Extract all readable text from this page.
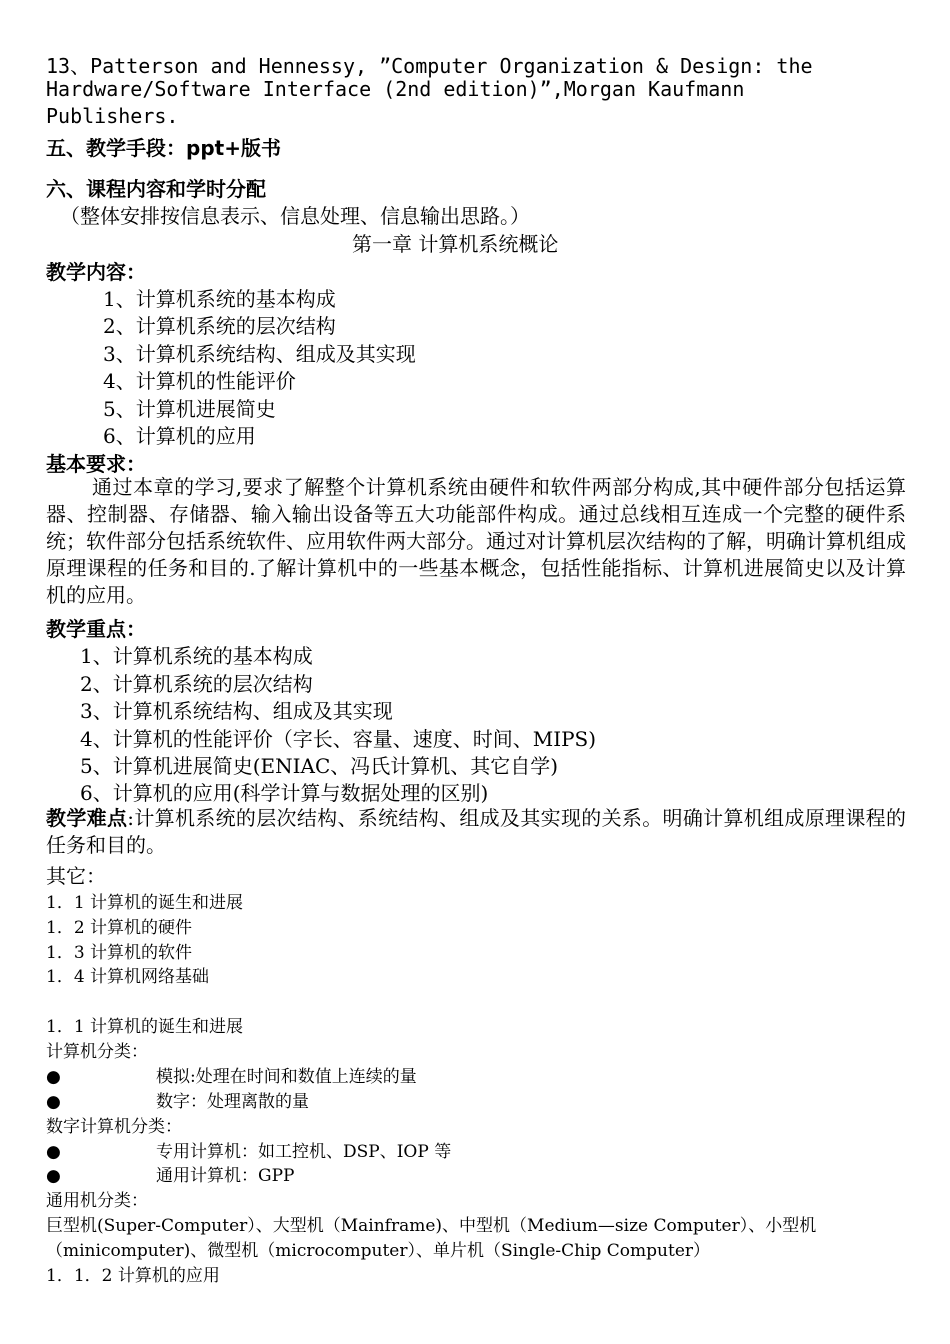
13、Patterson and Hennessy, ”Computer Organization & Design: the
Hardware/Software Interface (2nd edition)”,Morgan Kaufmann
Publishers.
五、教学手段：ppt+版书
六、课程内容和学时分配
（整体安排按信息表示、信息处理、信息输出思路。）
第一章 计算机系统概论
教学内容：
1、计算机系统的基本构成
2、计算机系统的层次结构
3、计算机系统结构、组成及其实现
4、计算机的性能评价
5、计算机进展简史
6、计算机的应用
基本要求：

通过本章的学习,要求了解整个计算机系统由硬件和软件两部分构成,其中硬件部分包括运算器、控制器、存储器、输入输出设备等五大功能部件构成。通过总线相互连成一个完整的硬件系统；软件部分包括系统软件、应用软件两大部分。通过对计算机层次结构的了解，明确计算机组成原理课程的任务和目的.了解计算机中的一些基本概念，包括性能指标、计算机进展简史以及计算机的应用。

教学重点：
1、计算机系统的基本构成
2、计算机系统的层次结构
3、计算机系统结构、组成及其实现
4、计算机的性能评价（字长、容量、速度、时间、MIPS)
5、计算机进展简史(ENIAC、冯氏计算机、其它自学)
6、计算机的应用(科学计算与数据处理的区别)

教学难点:计算机系统的层次结构、系统结构、组成及其实现的关系。明确计算机组成原理课程的任务和目的。

其它：
1．1 计算机的诞生和进展
1．2 计算机的硬件
1．3 计算机的软件
1．4 计算机网络基础
1．1 计算机的诞生和进展
计算机分类：
●	模拟:处理在时间和数值上连续的量
●	数字：处理离散的量
数字计算机分类：
●	专用计算机：如工控机、DSP、IOP 等
●	通用计算机：GPP
通用机分类：
巨型机(Super-Computer）、大型机（Mainframe)、中型机（Medium—size Computer）、小型机
（minicomputer)、微型机（microcomputer）、单片机（Single-Chip Computer）
1．1．2 计算机的应用
